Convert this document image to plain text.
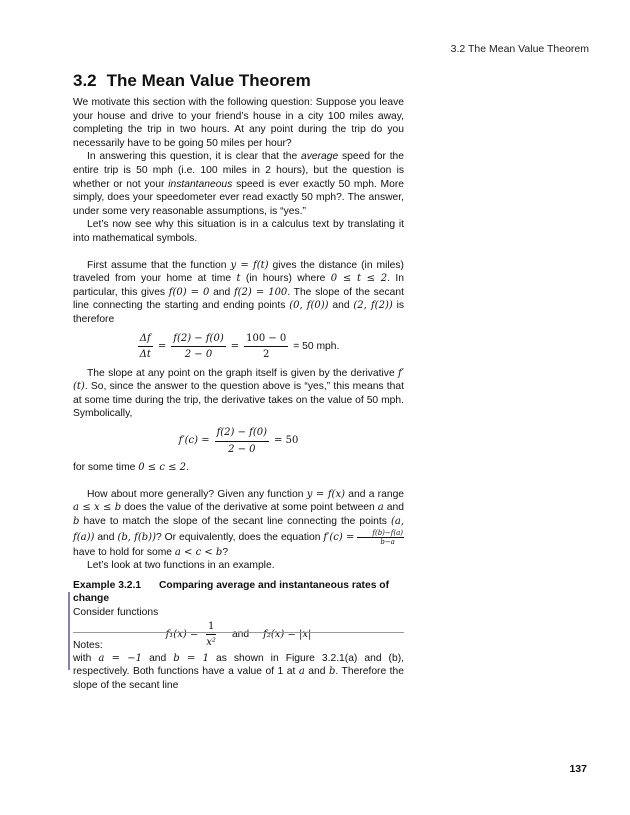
3.2 The Mean Value Theorem
3.2 The Mean Value Theorem

We motivate this section with the following question: Suppose you leave your house and drive to your friend’s house in a city 100 miles away, completing the trip in two hours. At any point during the trip do you necessarily have to be going 50 miles per hour?

In answering this question, it is clear that the average speed for the entire trip is 50 mph (i.e. 100 miles in 2 hours), but the question is whether or not your instantaneous speed is ever exactly 50 mph. More simply, does your speedometer ever read exactly 50 mph?. The answer, under some very reasonable assumptions, is “yes.”

Let’s now see why this situation is in a calculus text by translating it into mathematical symbols.

First assume that the function y = f(t) gives the distance (in miles) traveled from your home at time t (in hours) where 0 ≤ t ≤ 2. In particular, this gives f(0) = 0 and f(2) = 100. The slope of the secant line connecting the starting and ending points (0, f(0)) and (2, f(2)) is therefore

$\frac{\Delta f}{\Delta t} = \frac{f(2) - f(0)}{2 - 0} = \frac{100 - 0}{2} = 50$ mph.

The slope at any point on the graph itself is given by the derivative f′(t). So, since the answer to the question above is “yes,” this means that at some time during the trip, the derivative takes on the value of 50 mph. Symbolically,

$f'(c) = \frac{f(2) - f(0)}{2 - 0} = 50$

for some time 0 ≤ c ≤ 2.

How about more generally? Given any function y = f(x) and a range a ≤ x ≤ b does the value of the derivative at some point between a and b have to match the slope of the secant line connecting the points (a, f(a)) and (b, f(b))? Or equivalently, does the equation $f'(c) = \frac{f(b)-f(a)}{b-a}$
have to hold for some a < c < b?

Let’s look at two functions in an example.

Example 3.2.1 Comparing average and instantaneous rates of change

Consider functions

$f_1(x) = \frac{1}{\text{x²}}$ and f₂(x) = |x|

with a = −1 and b = 1 as shown in Figure 3.2.1(a) and (b), respectively. Both functions have a value of 1 at a and b. Therefore the slope of the secant line

Notes:
137
